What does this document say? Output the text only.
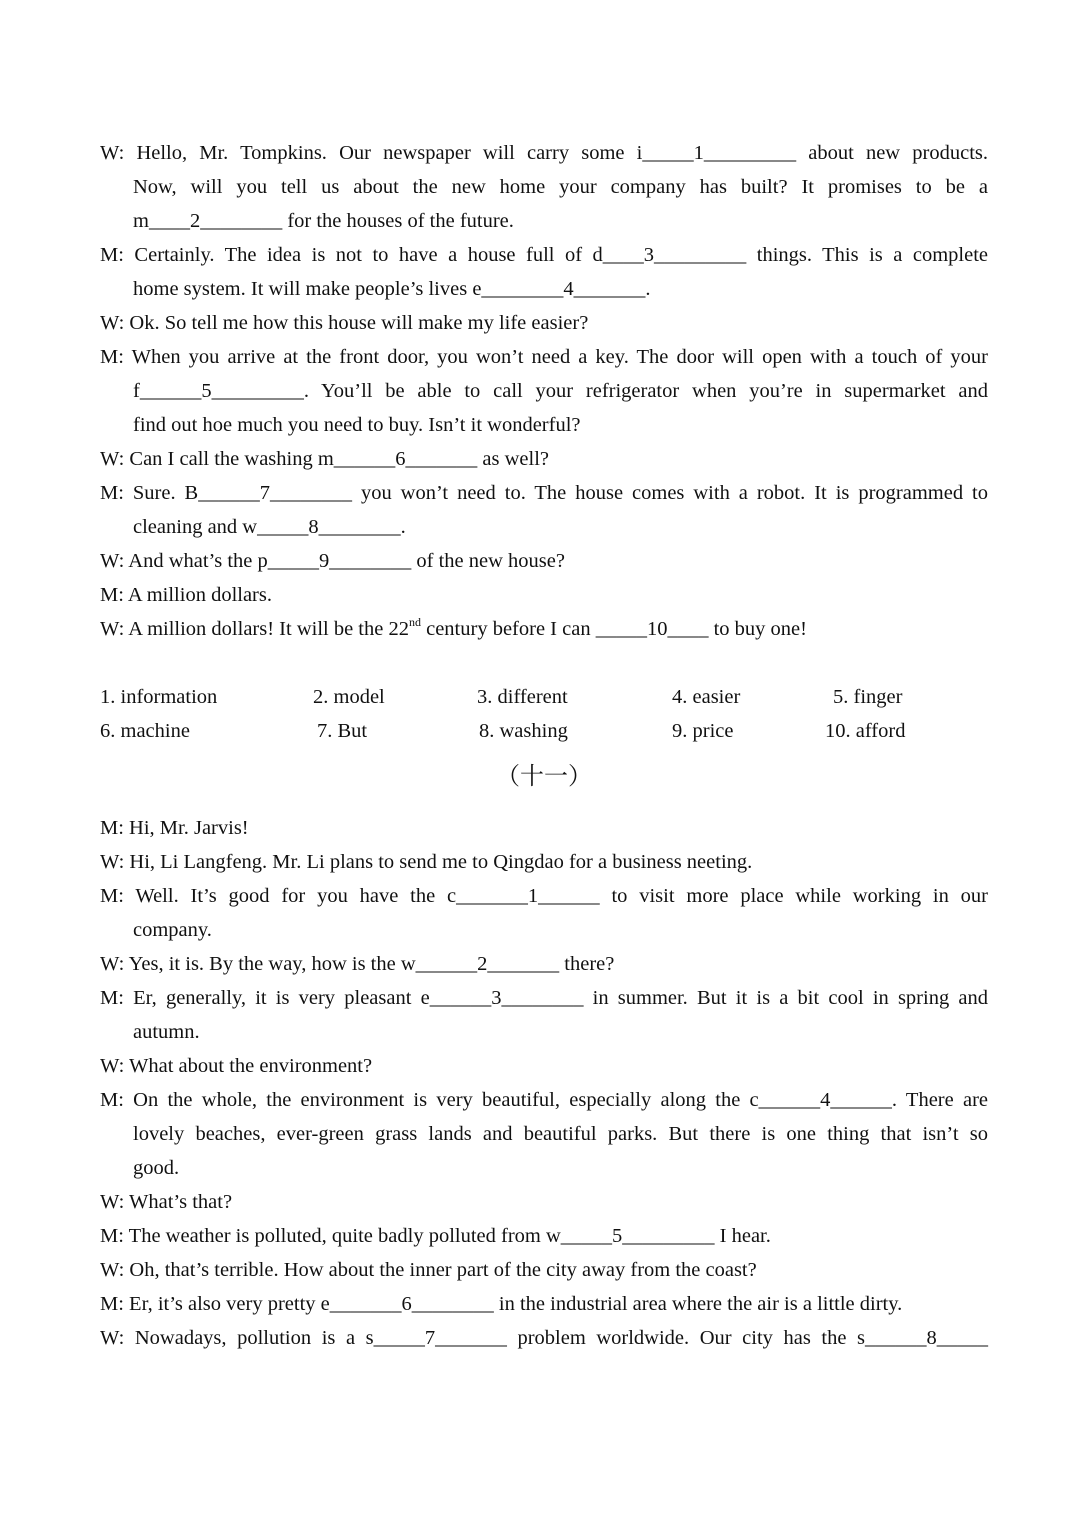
W: Hello, Mr. Tompkins. Our newspaper will carry some i_____1_________ about new products.
Now, will you tell us about the new home your company has built? It promises to be a
m____2________ for the houses of the future.
M: Certainly. The idea is not to have a house full of d____3_________ things. This is a complete
home system. It will make people’s lives e________4_______.
W: Ok. So tell me how this house will make my life easier?
M: When you arrive at the front door, you won’t need a key. The door will open with a touch of your
f______5_________. You’ll be able to call your refrigerator when you’re in supermarket and
find out hoe much you need to buy. Isn’t it wonderful?
W: Can I call the washing m______6_______ as well?
M: Sure. B______7________ you won’t need to. The house comes with a robot. It is programmed to
cleaning and w_____8________.
W: And what’s the p_____9________ of the new house?
M: A million dollars.
W: A million dollars! It will be the 22nd century before I can _____10____ to buy one!
1. information	2. model	3. different	4. easier	5. finger
6. machine	7. But	8. washing	9. price	10. afford
（十一）
M: Hi, Mr. Jarvis!
W: Hi, Li Langfeng. Mr. Li plans to send me to Qingdao for a business neeting.
M: Well. It’s good for you have the c_______1______ to visit more place while working in our
company.
W: Yes, it is. By the way, how is the w______2_______ there?
M: Er, generally, it is very pleasant e______3________ in summer. But it is a bit cool in spring and
autumn.
W: What about the environment?
M: On the whole, the environment is very beautiful, especially along the c______4______. There are
lovely beaches, ever-green grass lands and beautiful parks. But there is one thing that isn’t so
good.
W: What’s that?
M: The weather is polluted, quite badly polluted from w_____5_________ I hear.
W: Oh, that’s terrible. How about the inner part of the city away from the coast?
M: Er, it’s also very pretty e_______6________ in the industrial area where the air is a little dirty.
W: Nowadays, pollution is a s_____7_______ problem worldwide. Our city has the s______8_____
